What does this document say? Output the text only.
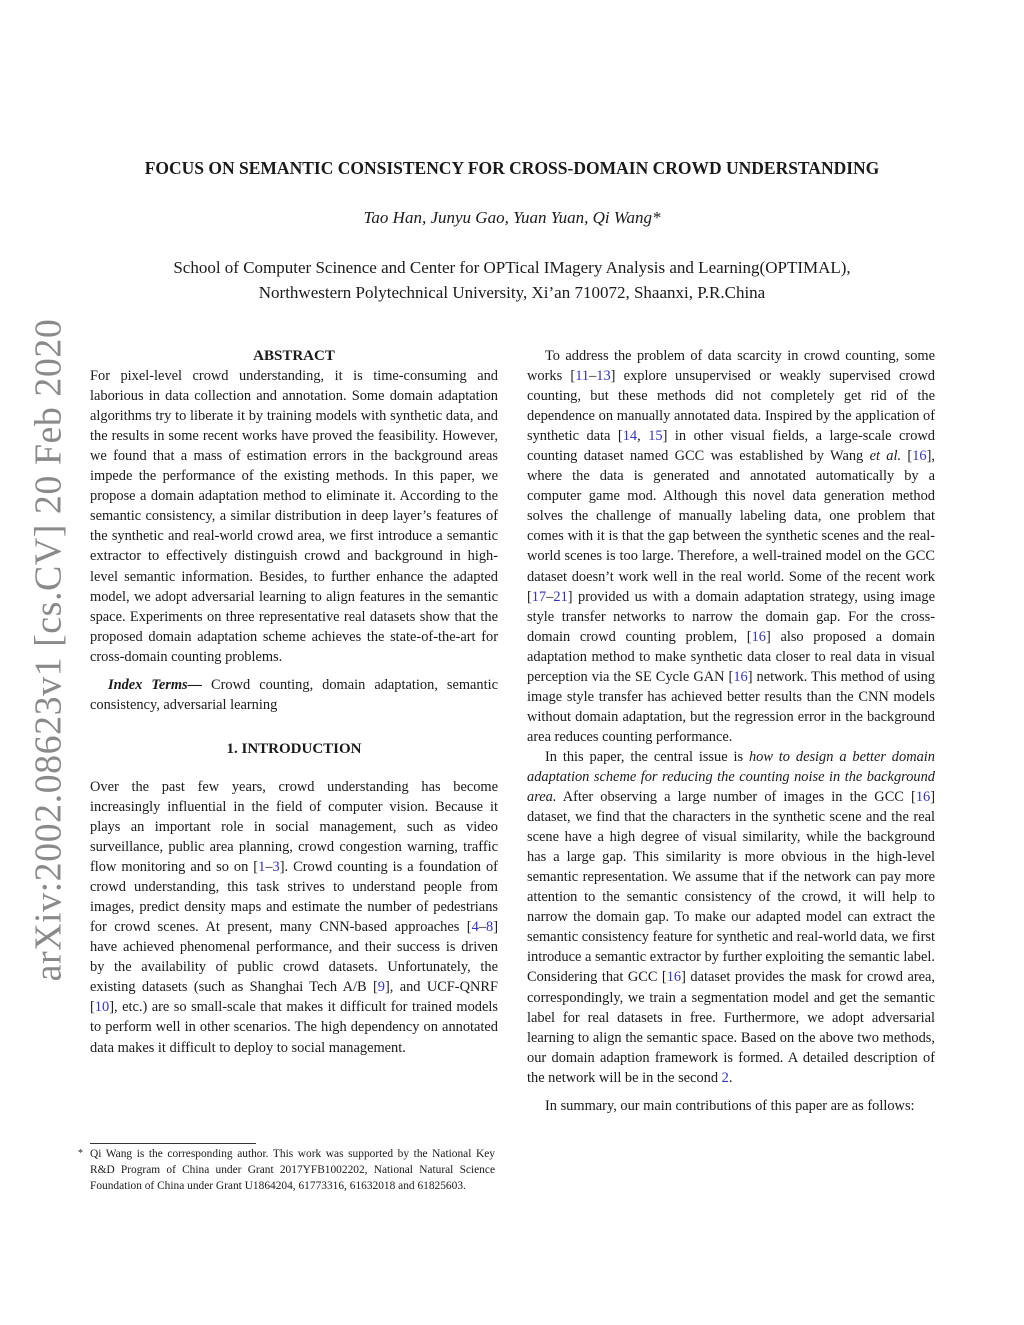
arXiv:2002.08623v1 [cs.CV] 20 Feb 2020
FOCUS ON SEMANTIC CONSISTENCY FOR CROSS-DOMAIN CROWD UNDERSTANDING
Tao Han, Junyu Gao, Yuan Yuan, Qi Wang*
School of Computer Scinence and Center for OPTical IMagery Analysis and Learning(OPTIMAL),
Northwestern Polytechnical University, Xi’an 710072, Shaanxi, P.R.China
ABSTRACT

For pixel-level crowd understanding, it is time-consuming and laborious in data collection and annotation. Some domain adaptation algorithms try to liberate it by training models with synthetic data, and the results in some recent works have proved the feasibility. However, we found that a mass of estimation errors in the background areas impede the performance of the existing methods. In this paper, we propose a domain adaptation method to eliminate it. According to the semantic consistency, a similar distribution in deep layer’s features of the synthetic and real-world crowd area, we first introduce a semantic extractor to effectively distinguish crowd and background in high-level semantic information. Besides, to further enhance the adapted model, we adopt adversarial learning to align features in the semantic space. Experiments on three representative real datasets show that the proposed domain adaptation scheme achieves the state-of-the-art for cross-domain counting problems.

Index Terms— Crowd counting, domain adaptation, semantic consistency, adversarial learning

1. INTRODUCTION

Over the past few years, crowd understanding has become increasingly influential in the field of computer vision. Because it plays an important role in social management, such as video surveillance, public area planning, crowd congestion warning, traffic flow monitoring and so on [1–3]. Crowd counting is a foundation of crowd understanding, this task strives to understand people from images, predict density maps and estimate the number of pedestrians for crowd scenes. At present, many CNN-based approaches [4–8] have achieved phenomenal performance, and their success is driven by the availability of public crowd datasets. Unfortunately, the existing datasets (such as Shanghai Tech A/B [9], and UCF-QNRF [10], etc.) are so small-scale that makes it difficult for trained models to perform well in other scenarios. The high dependency on annotated data makes it difficult to deploy to social management.

* Qi Wang is the corresponding author. This work was supported by the National Key R&D Program of China under Grant 2017YFB1002202, National Natural Science Foundation of China under Grant U1864204, 61773316, 61632018 and 61825603.

To address the problem of data scarcity in crowd counting, some works [11–13] explore unsupervised or weakly supervised crowd counting, but these methods did not completely get rid of the dependence on manually annotated data. Inspired by the application of synthetic data [14, 15] in other visual fields, a large-scale crowd counting dataset named GCC was established by Wang et al. [16], where the data is generated and annotated automatically by a computer game mod. Although this novel data generation method solves the challenge of manually labeling data, one problem that comes with it is that the gap between the synthetic scenes and the real-world scenes is too large. Therefore, a well-trained model on the GCC dataset doesn’t work well in the real world. Some of the recent work [17–21] provided us with a domain adaptation strategy, using image style transfer networks to narrow the domain gap. For the cross-domain crowd counting problem, [16] also proposed a domain adaptation method to make synthetic data closer to real data in visual perception via the SE Cycle GAN [16] network. This method of using image style transfer has achieved better results than the CNN models without domain adaptation, but the regression error in the background area reduces counting performance.

In this paper, the central issue is how to design a better domain adaptation scheme for reducing the counting noise in the background area. After observing a large number of images in the GCC [16] dataset, we find that the characters in the synthetic scene and the real scene have a high degree of visual similarity, while the background has a large gap. This similarity is more obvious in the high-level semantic representation. We assume that if the network can pay more attention to the semantic consistency of the crowd, it will help to narrow the domain gap. To make our adapted model can extract the semantic consistency feature for synthetic and real-world data, we first introduce a semantic extractor by further exploiting the semantic label. Considering that GCC [16] dataset provides the mask for crowd area, correspondingly, we train a segmentation model and get the semantic label for real datasets in free. Furthermore, we adopt adversarial learning to align the semantic space. Based on the above two methods, our domain adaption framework is formed. A detailed description of the network will be in the second 2.

In summary, our main contributions of this paper are as follows:
